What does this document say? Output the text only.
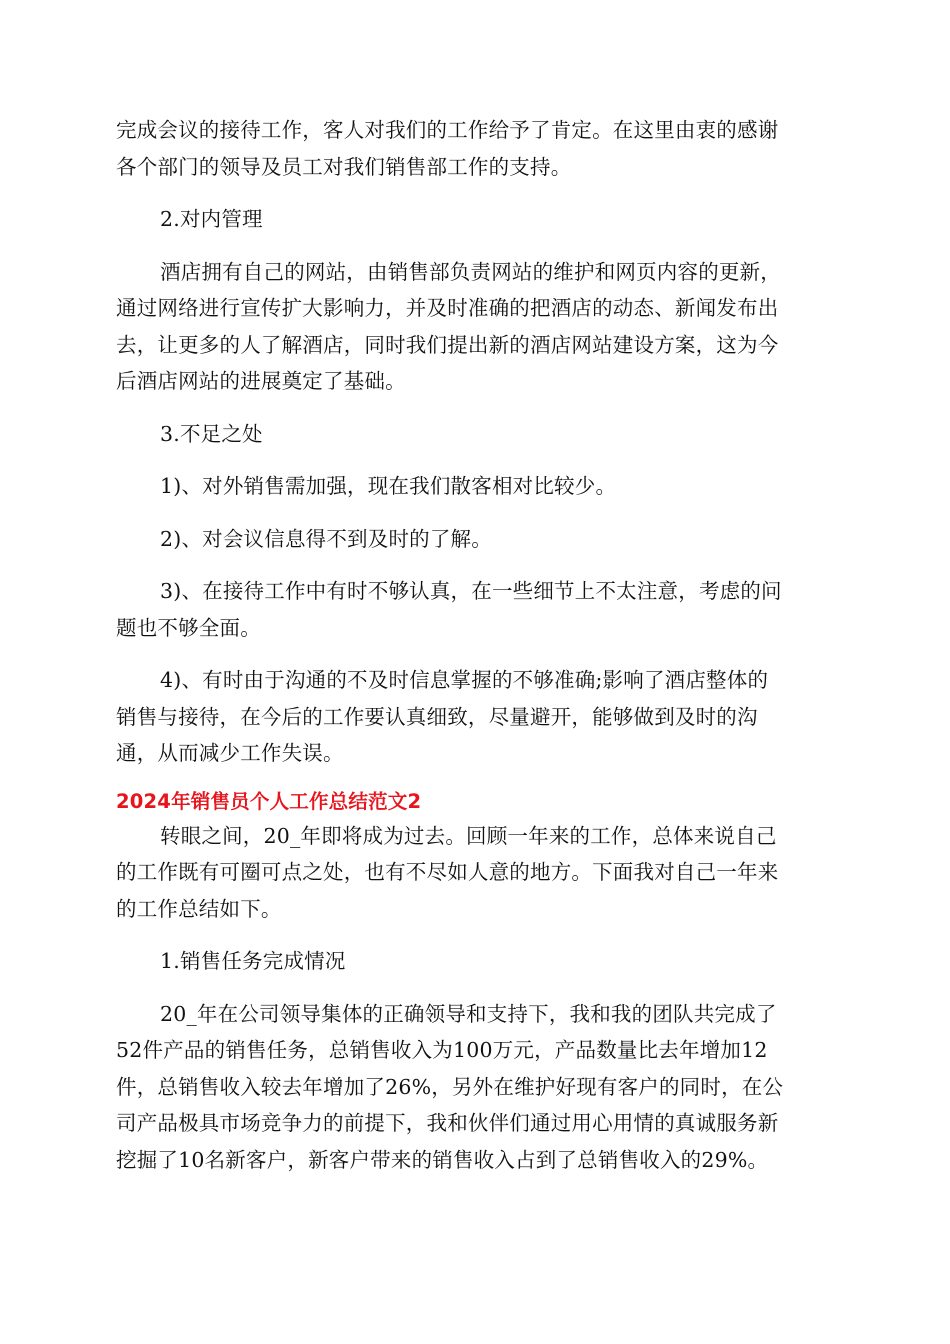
完成会议的接待工作，客人对我们的工作给予了肯定。在这里由衷的感谢
各个部门的领导及员工对我们销售部工作的支持。

2.对内管理

酒店拥有自己的网站，由销售部负责网站的维护和网页内容的更新，
通过网络进行宣传扩大影响力，并及时准确的把酒店的动态、新闻发布出
去，让更多的人了解酒店，同时我们提出新的酒店网站建设方案，这为今
后酒店网站的进展奠定了基础。

3.不足之处

1)、对外销售需加强，现在我们散客相对比较少。

2)、对会议信息得不到及时的了解。

3)、在接待工作中有时不够认真，在一些细节上不太注意，考虑的问
题也不够全面。

4)、有时由于沟通的不及时信息掌握的不够准确;影响了酒店整体的
销售与接待，在今后的工作要认真细致，尽量避开，能够做到及时的沟
通，从而减少工作失误。

2024年销售员个人工作总结范文2

转眼之间，20_年即将成为过去。回顾一年来的工作，总体来说自己
的工作既有可圈可点之处，也有不尽如人意的地方。下面我对自己一年来
的工作总结如下。

1.销售任务完成情况

20_年在公司领导集体的正确领导和支持下，我和我的团队共完成了
52件产品的销售任务，总销售收入为100万元，产品数量比去年增加12
件，总销售收入较去年增加了26%，另外在维护好现有客户的同时，在公
司产品极具市场竞争力的前提下，我和伙伴们通过用心用情的真诚服务新
挖掘了10名新客户，新客户带来的销售收入占到了总销售收入的29%。
